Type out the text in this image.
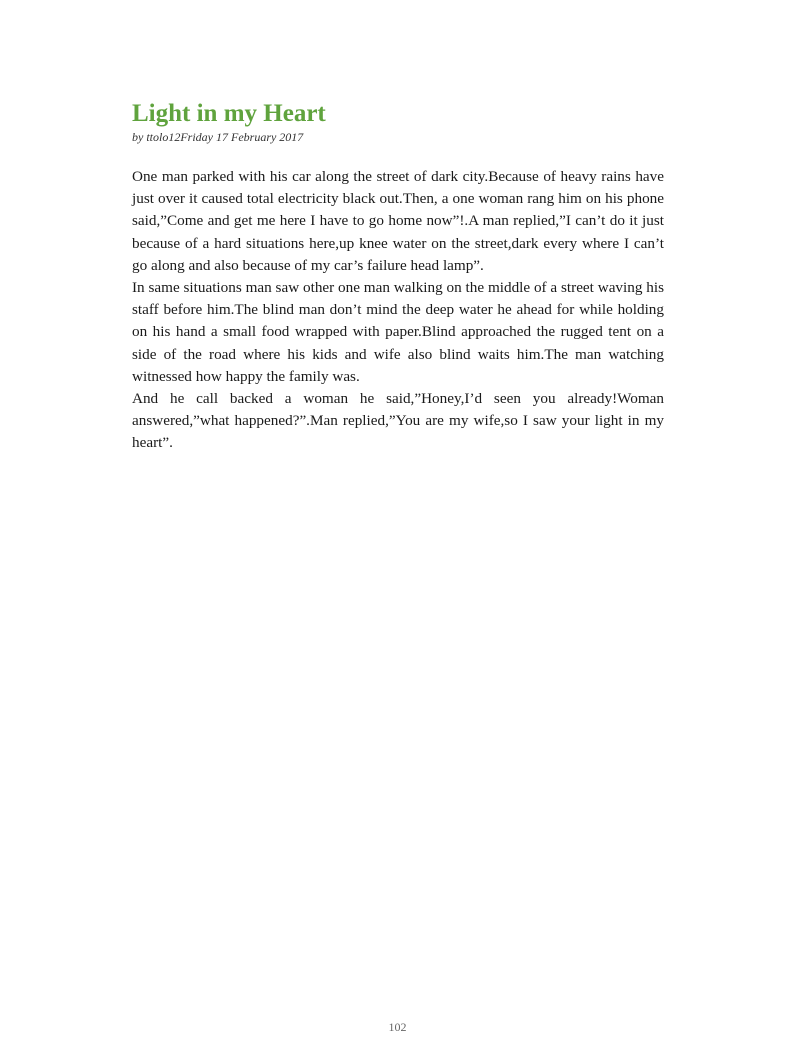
Light in my Heart
by ttolo12Friday 17 February 2017

One man parked with his car along the street of dark city.Because of heavy rains have just over it caused total electricity black out.Then, a one woman rang him on his phone said,”Come and get me here I have to go home now”!.A man replied,”I can’t do it just because of a hard situations here,up knee water on the street,dark every where I can’t go along and also because of my car’s failure head lamp”.

In same situations man saw other one man walking on the middle of a street waving his staff before him.The blind man don’t mind the deep water he ahead for while holding on his hand a small food wrapped with paper.Blind approached the rugged tent on a side of the road where his kids and wife also blind waits him.The man watching witnessed how happy the family was.

And he call backed a woman he said,”Honey,I’d seen you already!Woman answered,”what happened?”.Man replied,”You are my wife,so I saw your light in my heart”.

102
